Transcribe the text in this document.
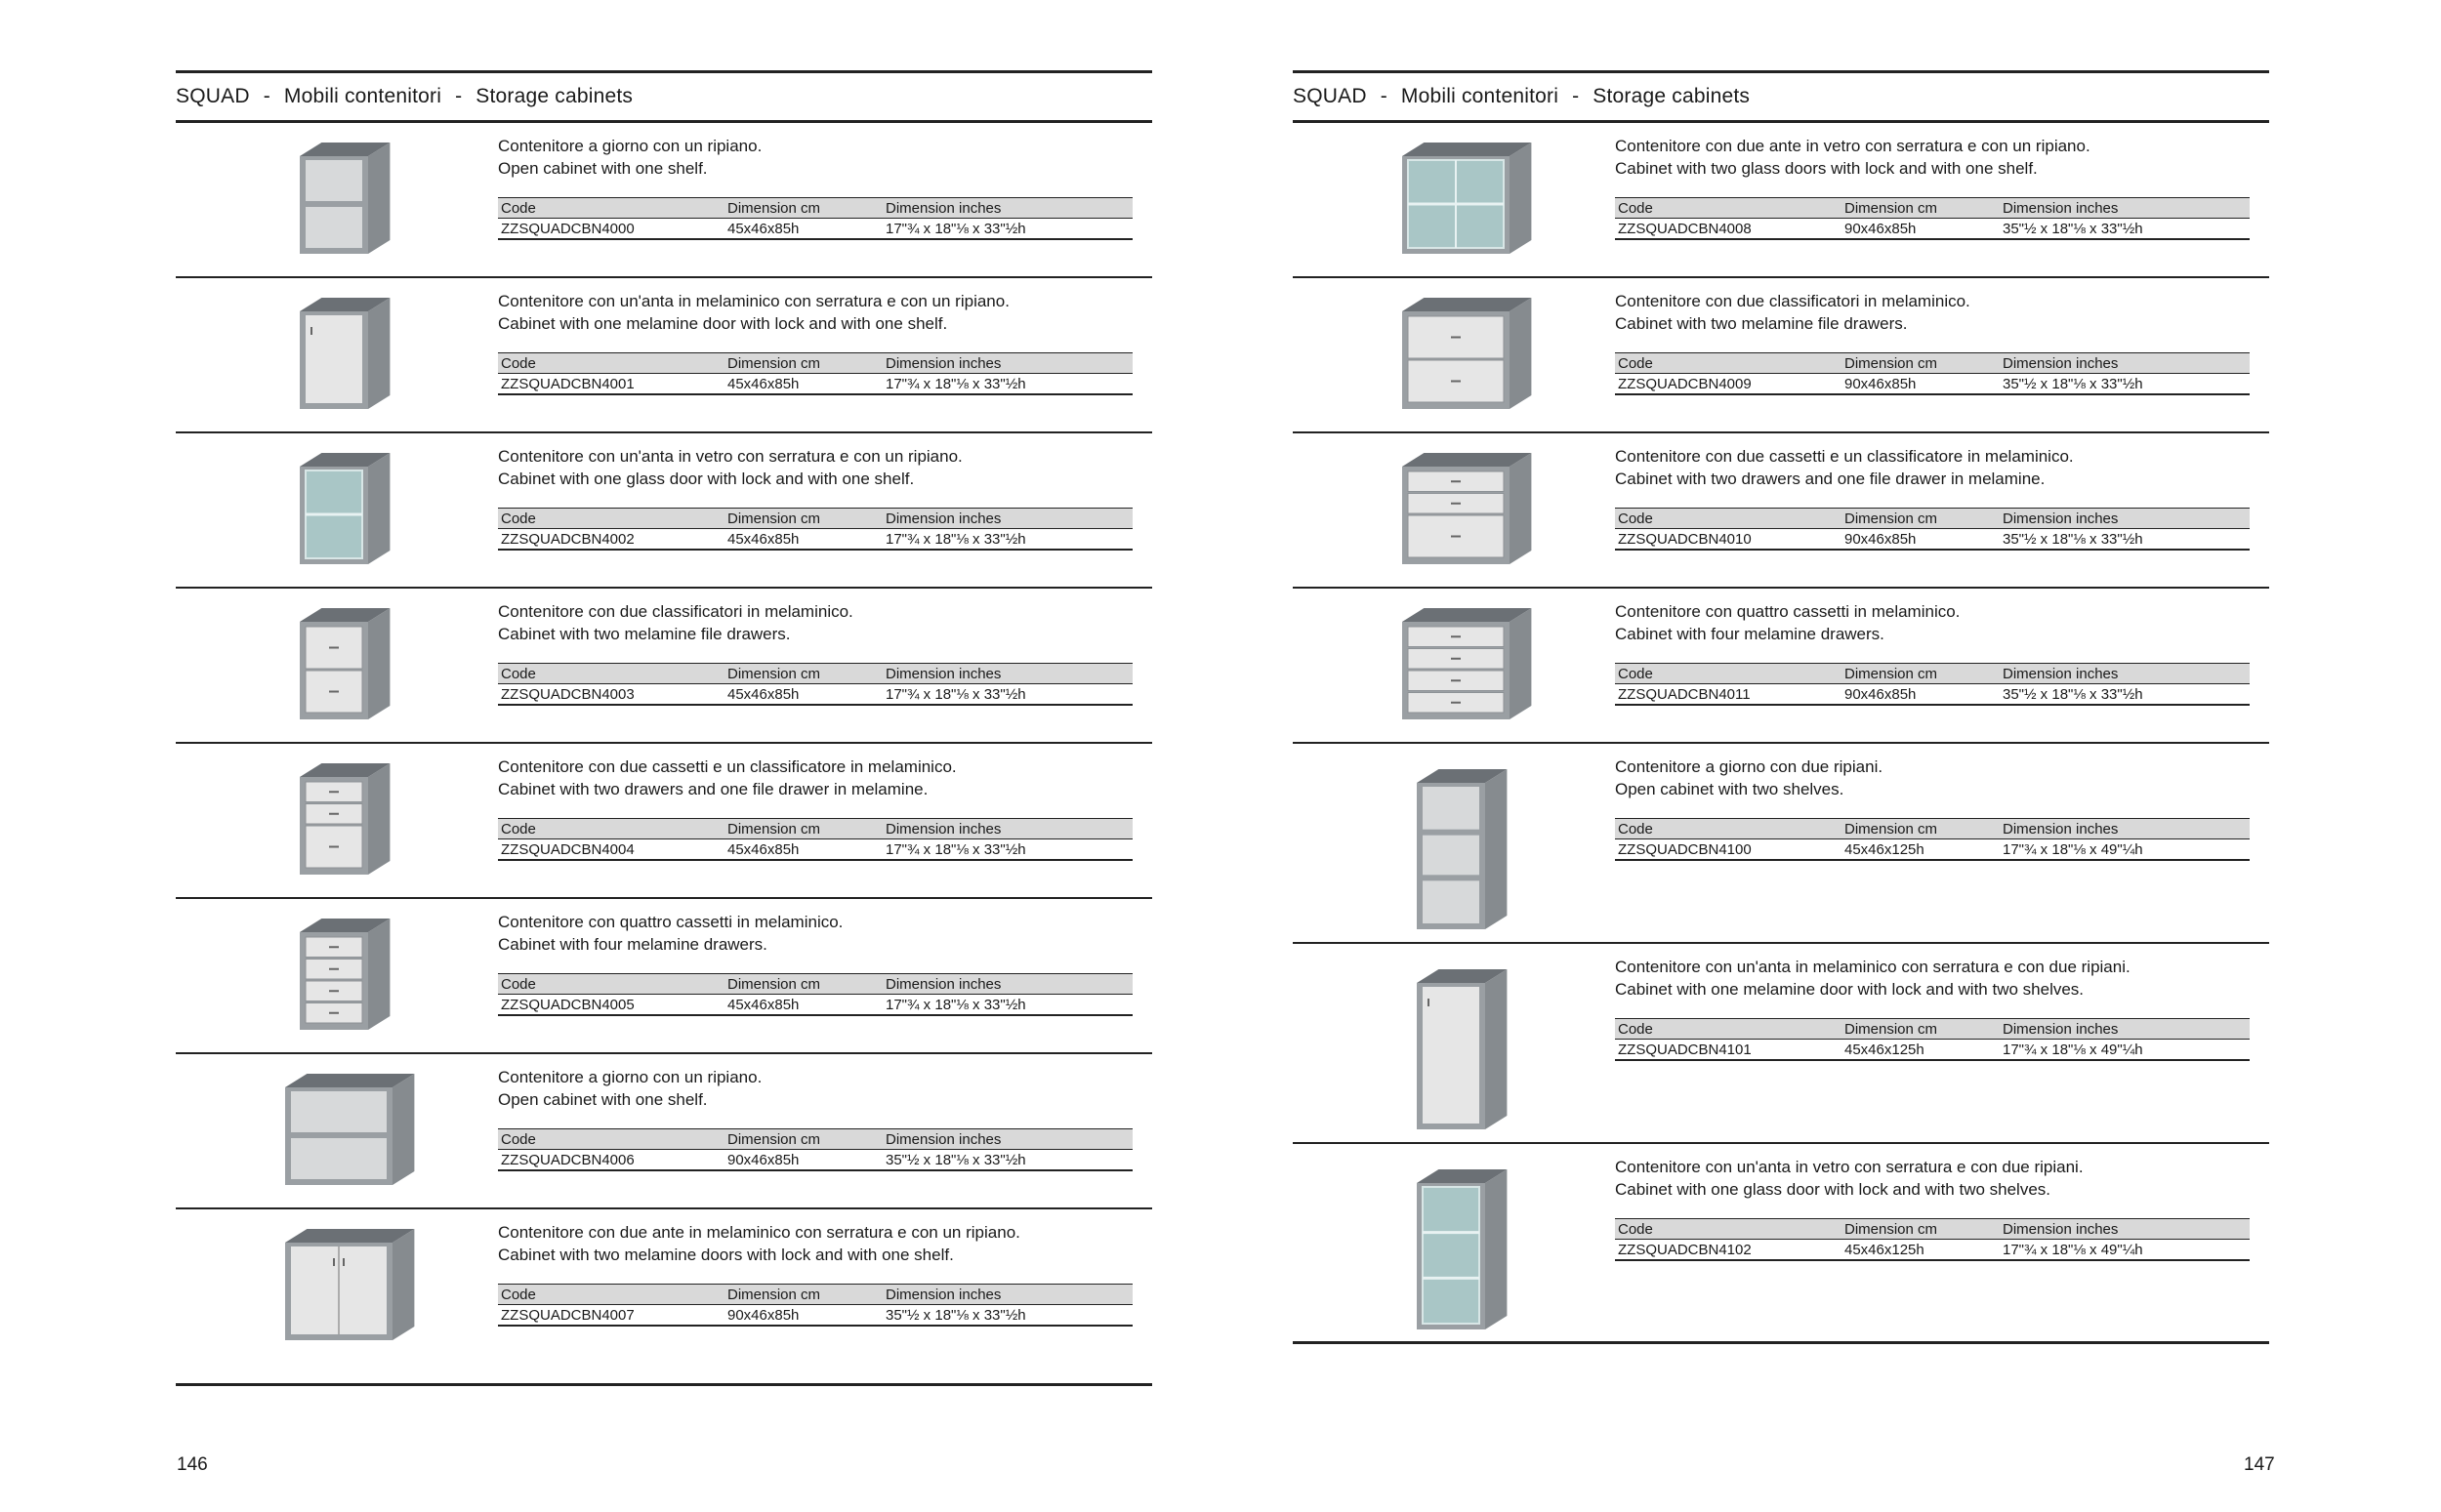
SQUAD - Mobili contenitori - Storage cabinets
Contenitore a giorno con un ripiano.
Open cabinet with one shelf.
Code	Dimension cm	Dimension inches
ZZSQUADCBN4000	45x46x85h	17"¾ x 18"⅛ x 33"½h
Contenitore con un'anta in melaminico con serratura e con un ripiano.
Cabinet with one melamine door with lock and with one shelf.
Code	Dimension cm	Dimension inches
ZZSQUADCBN4001	45x46x85h	17"¾ x 18"⅛ x 33"½h
Contenitore con un'anta in vetro con serratura e con un ripiano.
Cabinet with one glass door with lock and with one shelf.
Code	Dimension cm	Dimension inches
ZZSQUADCBN4002	45x46x85h	17"¾ x 18"⅛ x 33"½h
Contenitore con due classificatori in melaminico.
Cabinet with two melamine file drawers.
Code	Dimension cm	Dimension inches
ZZSQUADCBN4003	45x46x85h	17"¾ x 18"⅛ x 33"½h
Contenitore con due cassetti e un classificatore in melaminico.
Cabinet with two drawers and one file drawer in melamine.
Code	Dimension cm	Dimension inches
ZZSQUADCBN4004	45x46x85h	17"¾ x 18"⅛ x 33"½h
Contenitore con quattro cassetti in melaminico.
Cabinet with four melamine drawers.
Code	Dimension cm	Dimension inches
ZZSQUADCBN4005	45x46x85h	17"¾ x 18"⅛ x 33"½h
Contenitore a giorno con un ripiano.
Open cabinet with one shelf.
Code	Dimension cm	Dimension inches
ZZSQUADCBN4006	90x46x85h	35"½ x 18"⅛ x 33"½h
Contenitore con due ante in melaminico con serratura e con un ripiano.
Cabinet with two melamine doors with lock and with one shelf.
Code	Dimension cm	Dimension inches
ZZSQUADCBN4007	90x46x85h	35"½ x 18"⅛ x 33"½h
SQUAD - Mobili contenitori - Storage cabinets
Contenitore con due ante in vetro con serratura e con un ripiano.
Cabinet with two glass doors with lock and with one shelf.
Code	Dimension cm	Dimension inches
ZZSQUADCBN4008	90x46x85h	35"½ x 18"⅛ x 33"½h
Contenitore con due classificatori in melaminico.
Cabinet with two melamine file drawers.
Code	Dimension cm	Dimension inches
ZZSQUADCBN4009	90x46x85h	35"½ x 18"⅛ x 33"½h
Contenitore con due cassetti e un classificatore in melaminico.
Cabinet with two drawers and one file drawer in melamine.
Code	Dimension cm	Dimension inches
ZZSQUADCBN4010	90x46x85h	35"½ x 18"⅛ x 33"½h
Contenitore con quattro cassetti in melaminico.
Cabinet with four melamine drawers.
Code	Dimension cm	Dimension inches
ZZSQUADCBN4011	90x46x85h	35"½ x 18"⅛ x 33"½h
Contenitore a giorno con due ripiani.
Open cabinet with two shelves.
Code	Dimension cm	Dimension inches
ZZSQUADCBN4100	45x46x125h	17"¾ x 18"⅛ x 49"¼h
Contenitore con un'anta in melaminico con serratura e con due ripiani.
Cabinet with one melamine door with lock and with two shelves.
Code	Dimension cm	Dimension inches
ZZSQUADCBN4101	45x46x125h	17"¾ x 18"⅛ x 49"¼h
Contenitore con un'anta in vetro con serratura e con due ripiani.
Cabinet with one glass door with lock and with two shelves.
Code	Dimension cm	Dimension inches
ZZSQUADCBN4102	45x46x125h	17"¾ x 18"⅛ x 49"¼h
146	147
